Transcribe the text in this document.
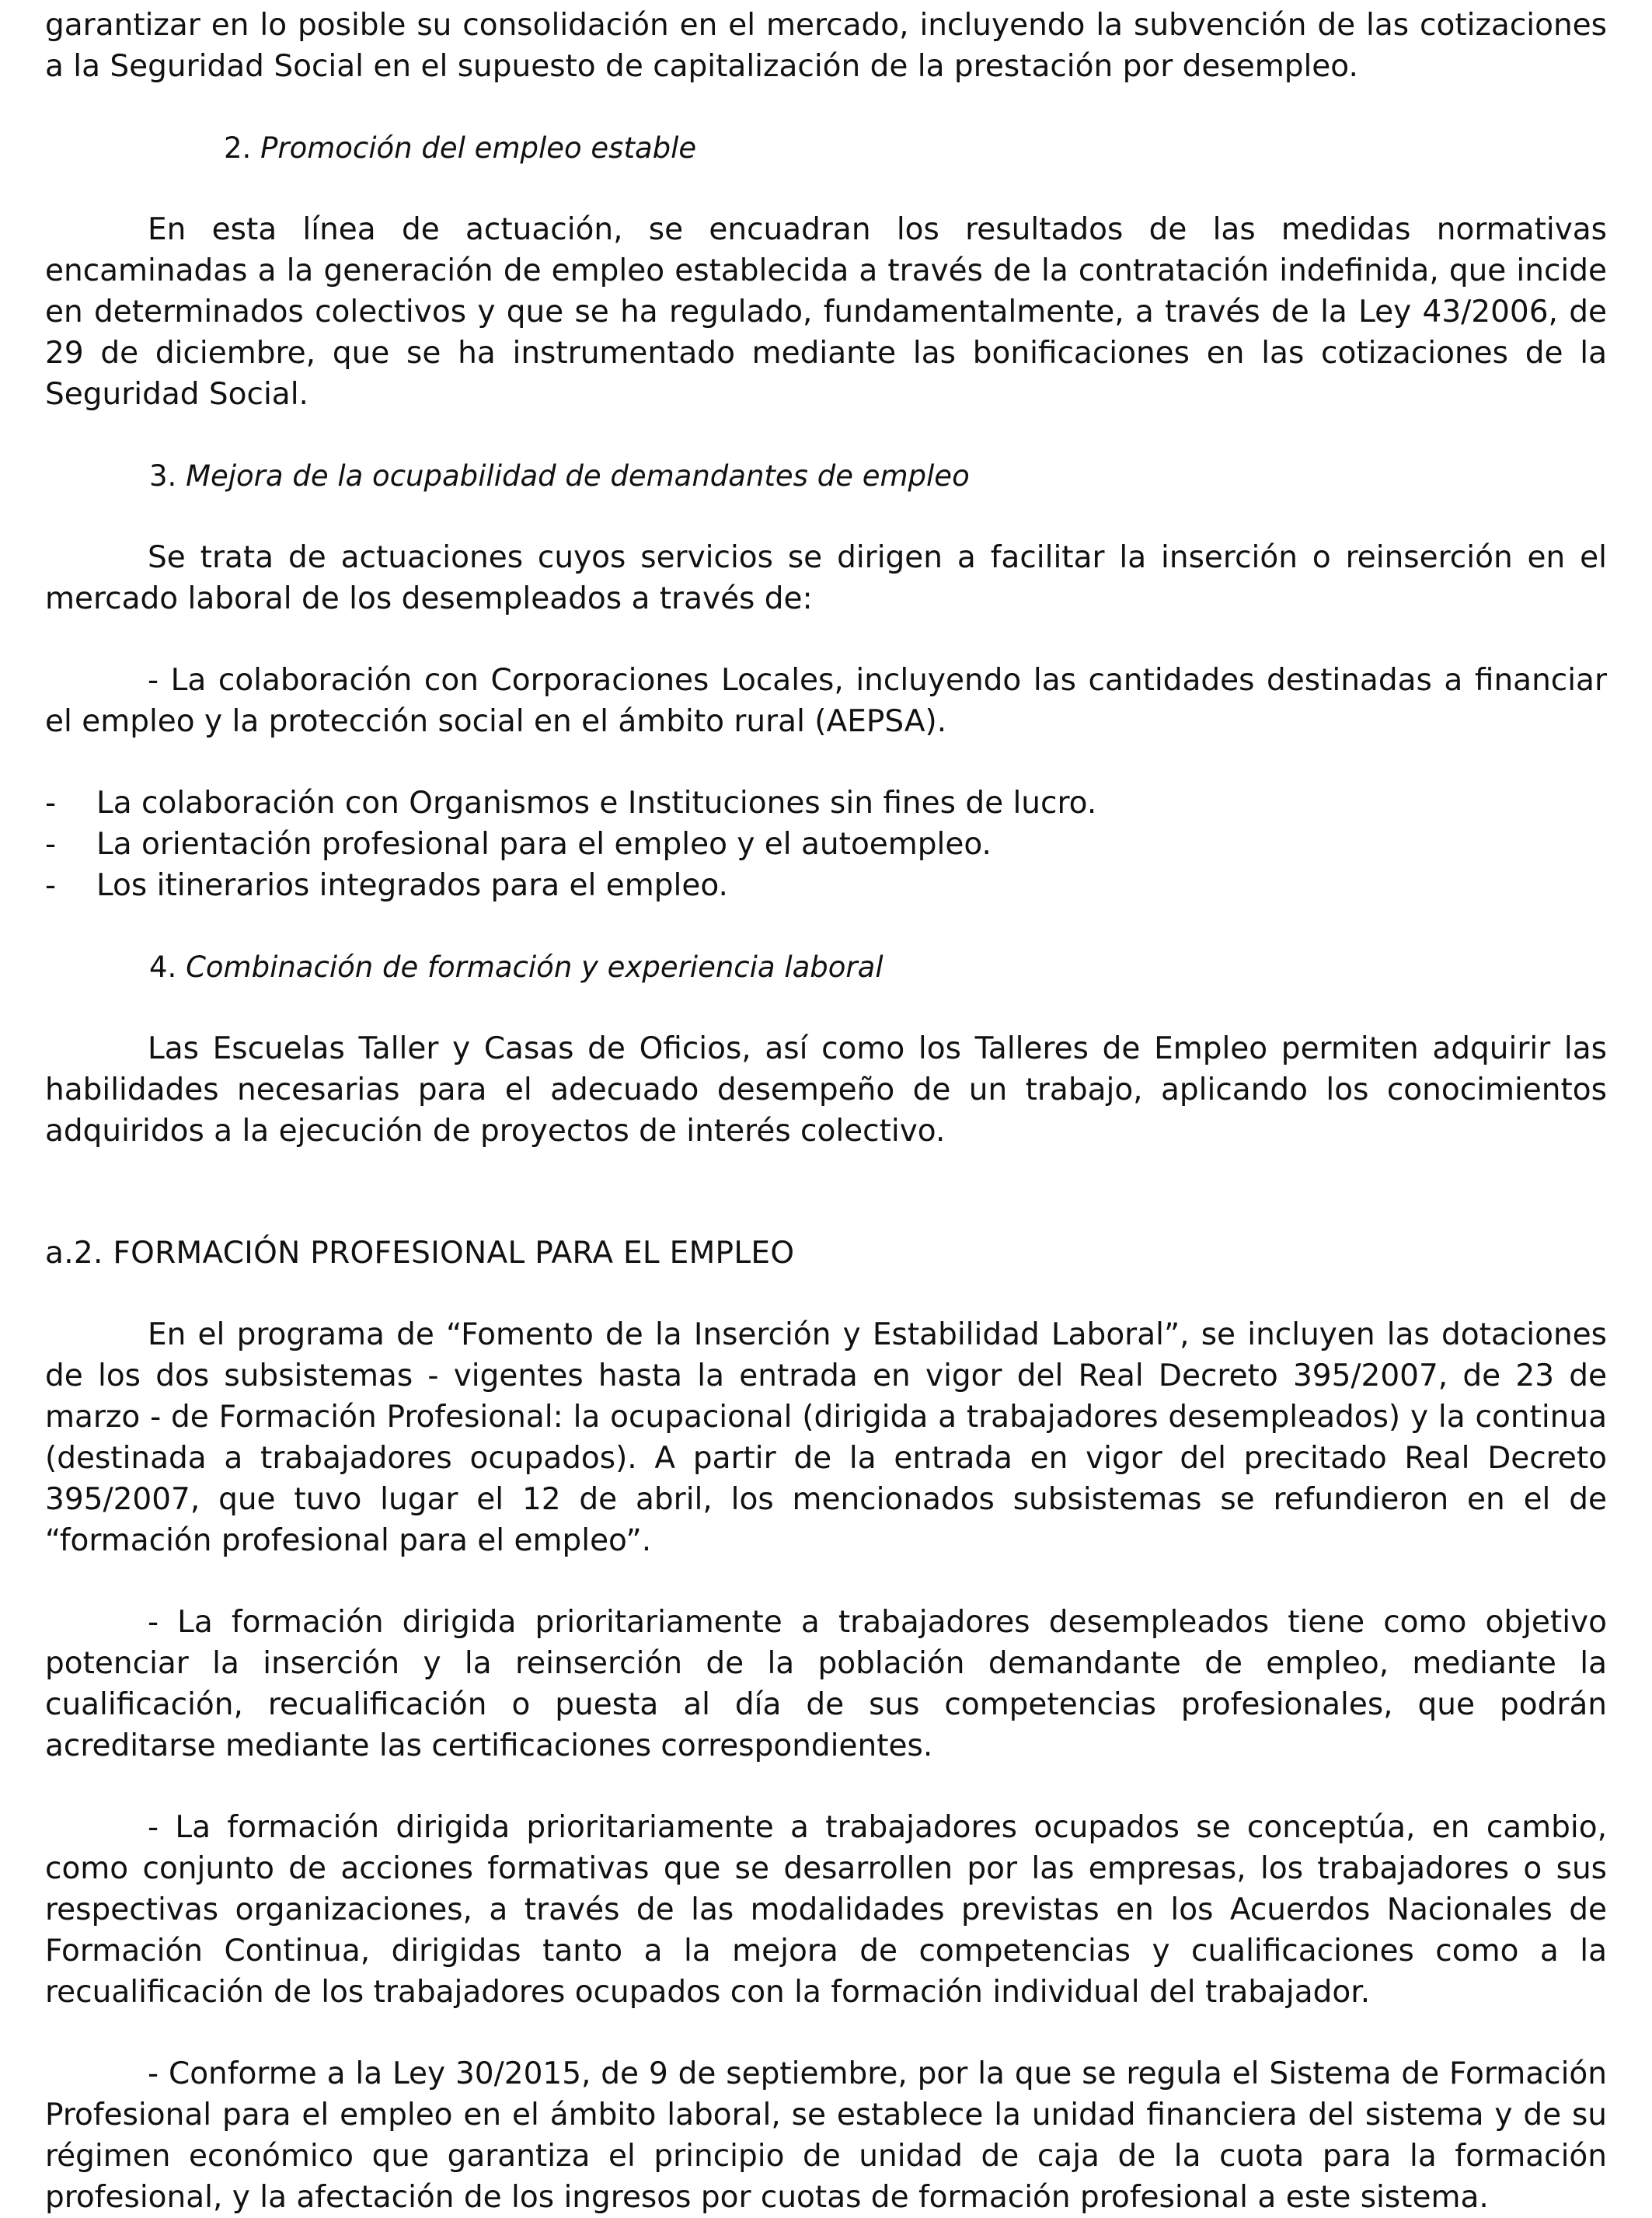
garantizar en lo posible su consolidación en el mercado, incluyendo la subvención de las cotizaciones a la Seguridad Social en el supuesto de capitalización de la prestación por desempleo.

2. Promoción del empleo estable

En esta línea de actuación, se encuadran los resultados de las medidas normativas encaminadas a la generación de empleo establecida a través de la contratación indefinida, que incide en determinados colectivos y que se ha regulado, fundamentalmente, a través de la Ley 43/2006, de 29 de diciembre, que se ha instrumentado mediante las bonificaciones en las cotizaciones de la Seguridad Social.

3. Mejora de la ocupabilidad de demandantes de empleo

Se trata de actuaciones cuyos servicios se dirigen a facilitar la inserción o reinserción en el mercado laboral de los desempleados a través de:

- La colaboración con Corporaciones Locales, incluyendo las cantidades destinadas a financiar el empleo y la protección social en el ámbito rural (AEPSA).

-	La colaboración con Organismos e Instituciones sin fines de lucro.
-	La orientación profesional para el empleo y el autoempleo.
-	Los itinerarios integrados para el empleo.
4. Combinación de formación y experiencia laboral

Las Escuelas Taller y Casas de Oficios, así como los Talleres de Empleo permiten adquirir las habilidades necesarias para el adecuado desempeño de un trabajo, aplicando los conocimientos adquiridos a la ejecución de proyectos de interés colectivo.

a.2. FORMACIÓN PROFESIONAL PARA EL EMPLEO

En el programa de “Fomento de la Inserción y Estabilidad Laboral”, se incluyen las dotaciones de los dos subsistemas - vigentes hasta la entrada en vigor del Real Decreto 395/2007, de 23 de marzo - de Formación Profesional: la ocupacional (dirigida a trabajadores desempleados) y la continua (destinada a trabajadores ocupados). A partir de la entrada en vigor del precitado Real Decreto 395/2007, que tuvo lugar el 12 de abril, los mencionados subsistemas se refundieron en el de “formación profesional para el empleo”.

- La formación dirigida prioritariamente a trabajadores desempleados tiene como objetivo potenciar la inserción y la reinserción de la población demandante de empleo, mediante la cualificación, recualificación o puesta al día de sus competencias profesionales, que podrán acreditarse mediante las certificaciones correspondientes.

- La formación dirigida prioritariamente a trabajadores ocupados se conceptúa, en cambio, como conjunto de acciones formativas que se desarrollen por las empresas, los trabajadores o sus respectivas organizaciones, a través de las modalidades previstas en los Acuerdos Nacionales de Formación Continua, dirigidas tanto a la mejora de competencias y cualificaciones como a la recualificación de los trabajadores ocupados con la formación individual del trabajador.

- Conforme a la Ley 30/2015, de 9 de septiembre, por la que se regula el Sistema de Formación Profesional para el empleo en el ámbito laboral, se establece la unidad financiera del sistema y de su régimen económico que garantiza el principio de unidad de caja de la cuota para la formación profesional, y la afectación de los ingresos por cuotas de formación profesional a este sistema.
